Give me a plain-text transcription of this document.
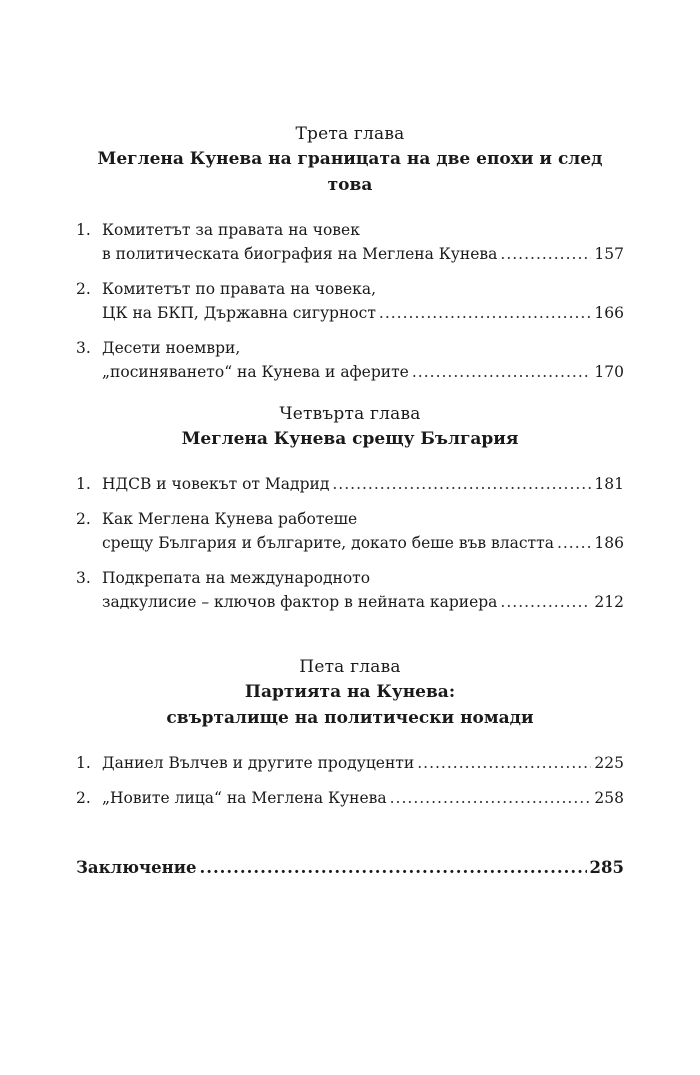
Трета глава
Меглена Кунева на границата на две епохи и след това
1. Комитетът за правата на човек
в политическата биография на Меглена Кунева .....	157
2. Комитетът по правата на човека,
ЦК на БКП, Държавна сигурност .....	166
3. Десети ноември,
„посиняването“ на Кунева и аферите .....	170
Четвърта глава
Меглена Кунева срещу България
1. НДСВ и човекът от Мадрид .....	181
2. Как Меглена Кунева работеше
срещу България и българите, докато беше във властта .....	186
3. Подкрепата на международното
задкулисие – ключов фактор в нейната кариера .....	212
Пета глава
Партията на Кунева:
свърталище на политически номади
1. Даниел Вълчев и другите продуценти .....	225
2. „Новите лица“ на Меглена Кунева .....	258
Заключение .....	285
